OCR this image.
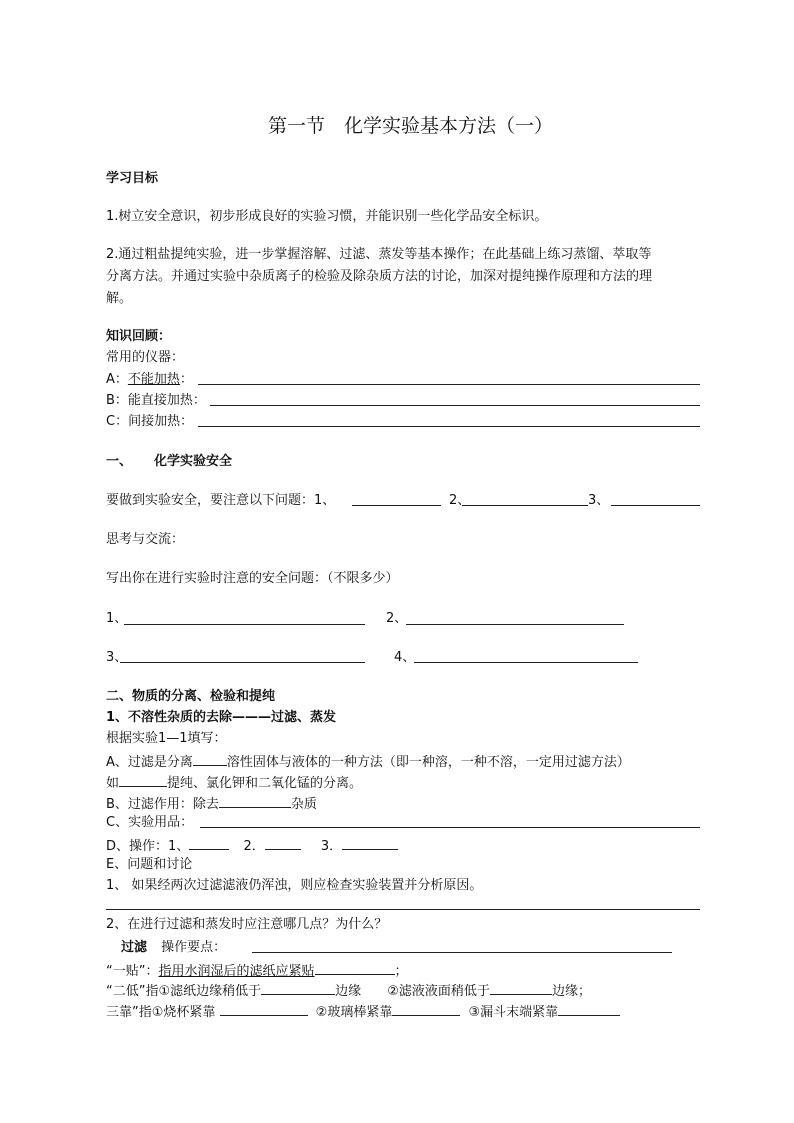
第一节　化学实验基本方法（一）
学习目标
1.树立安全意识，初步形成良好的实验习惯，并能识别一些化学品安全标识。
2.通过粗盐提纯实验，进一步掌握溶解、过滤、蒸发等基本操作；在此基础上练习蒸馏、萃取等
分离方法。并通过实验中杂质离子的检验及除杂质方法的讨论，加深对提纯操作原理和方法的理
解。
知识回顾：
常用的仪器：
A：不能加热：
B：能直接加热：
C：间接加热：
一、 化学实验安全
要做到实验安全，要注意以下问题：1、	2、	3、
思考与交流：
写出你在进行实验时注意的安全问题：（不限多少）
1、	2、
3、	4、
二、物质的分离、检验和提纯
1、不溶性杂质的去除———过滤、蒸发
根据实验1—1填写：
A、过滤是分离	溶性固体与液体的一种方法（即一种溶，一种不溶，一定用过滤方法）
如	提纯、氯化钾和二氧化锰的分离。
B、过滤作用：除去	杂质
C、实验用品：
D、操作：1、	2．	3．
E、问题和讨论
1、 如果经两次过滤滤液仍浑浊，则应检查实验装置并分析原因。
2、在进行过滤和蒸发时应注意哪几点？为什么？
过滤 操作要点：
“一贴”：指用水润湿后的滤纸应紧贴	；
“二低”指①滤纸边缘稍低于	边缘 ②滤液液面稍低于	边缘；
三靠”指①烧杯紧靠	②玻璃棒紧靠	③漏斗末端紧靠
